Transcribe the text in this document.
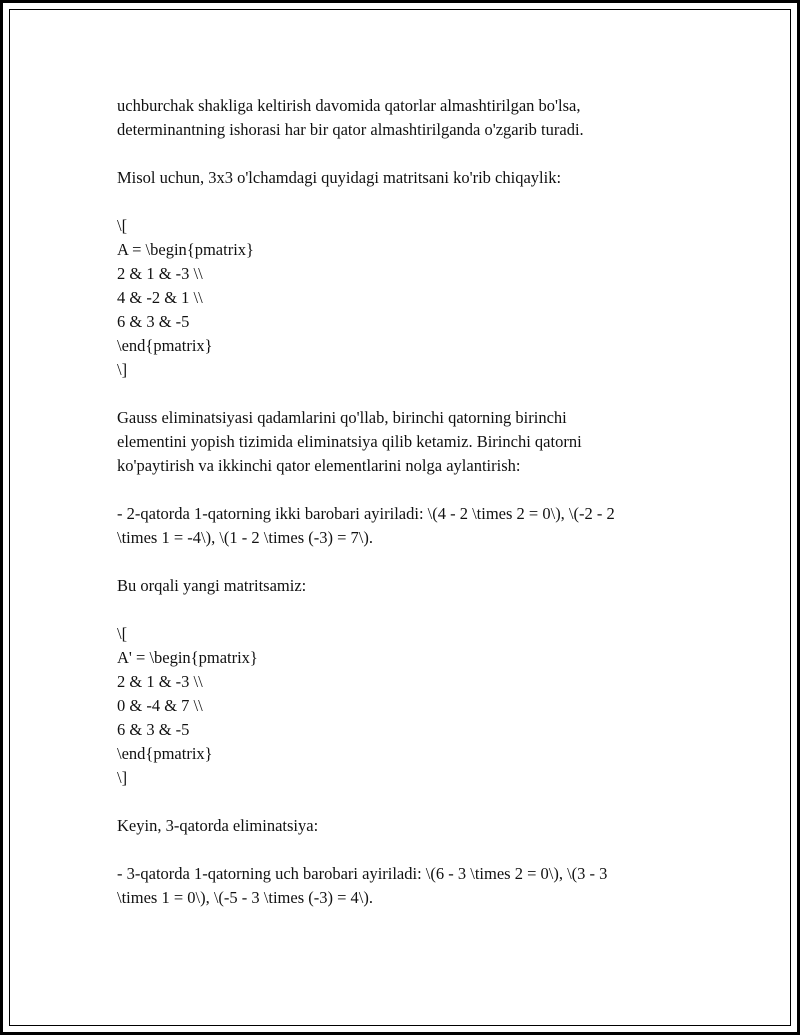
uchburchak shakliga keltirish davomida qatorlar almashtirilgan bo'lsa,
determinantning ishorasi har bir qator almashtirilganda o'zgarib turadi.
Misol uchun, 3x3 o'lchamdagi quyidagi matritsani ko'rib chiqaylik:
\[
A = \begin{pmatrix}
2 & 1 & -3 \\
4 & -2 & 1 \\
6 & 3 & -5
\end{pmatrix}
\]
Gauss eliminatsiyasi qadamlarini qo'llab, birinchi qatorning birinchi
elementini yopish tizimida eliminatsiya qilib ketamiz. Birinchi qatorni
ko'paytirish va ikkinchi qator elementlarini nolga aylantirish:
- 2-qatorda 1-qatorning ikki barobari ayiriladi: \(4 - 2 \times 2 = 0\), \(-2 - 2
\times 1 = -4\), \(1 - 2 \times (-3) = 7\).
Bu orqali yangi matritsamiz:
\[
A' = \begin{pmatrix}
2 & 1 & -3 \\
0 & -4 & 7 \\
6 & 3 & -5
\end{pmatrix}
\]
Keyin, 3-qatorda eliminatsiya:
- 3-qatorda 1-qatorning uch barobari ayiriladi: \(6 - 3 \times 2 = 0\), \(3 - 3
\times 1 = 0\), \(-5 - 3 \times (-3) = 4\).
